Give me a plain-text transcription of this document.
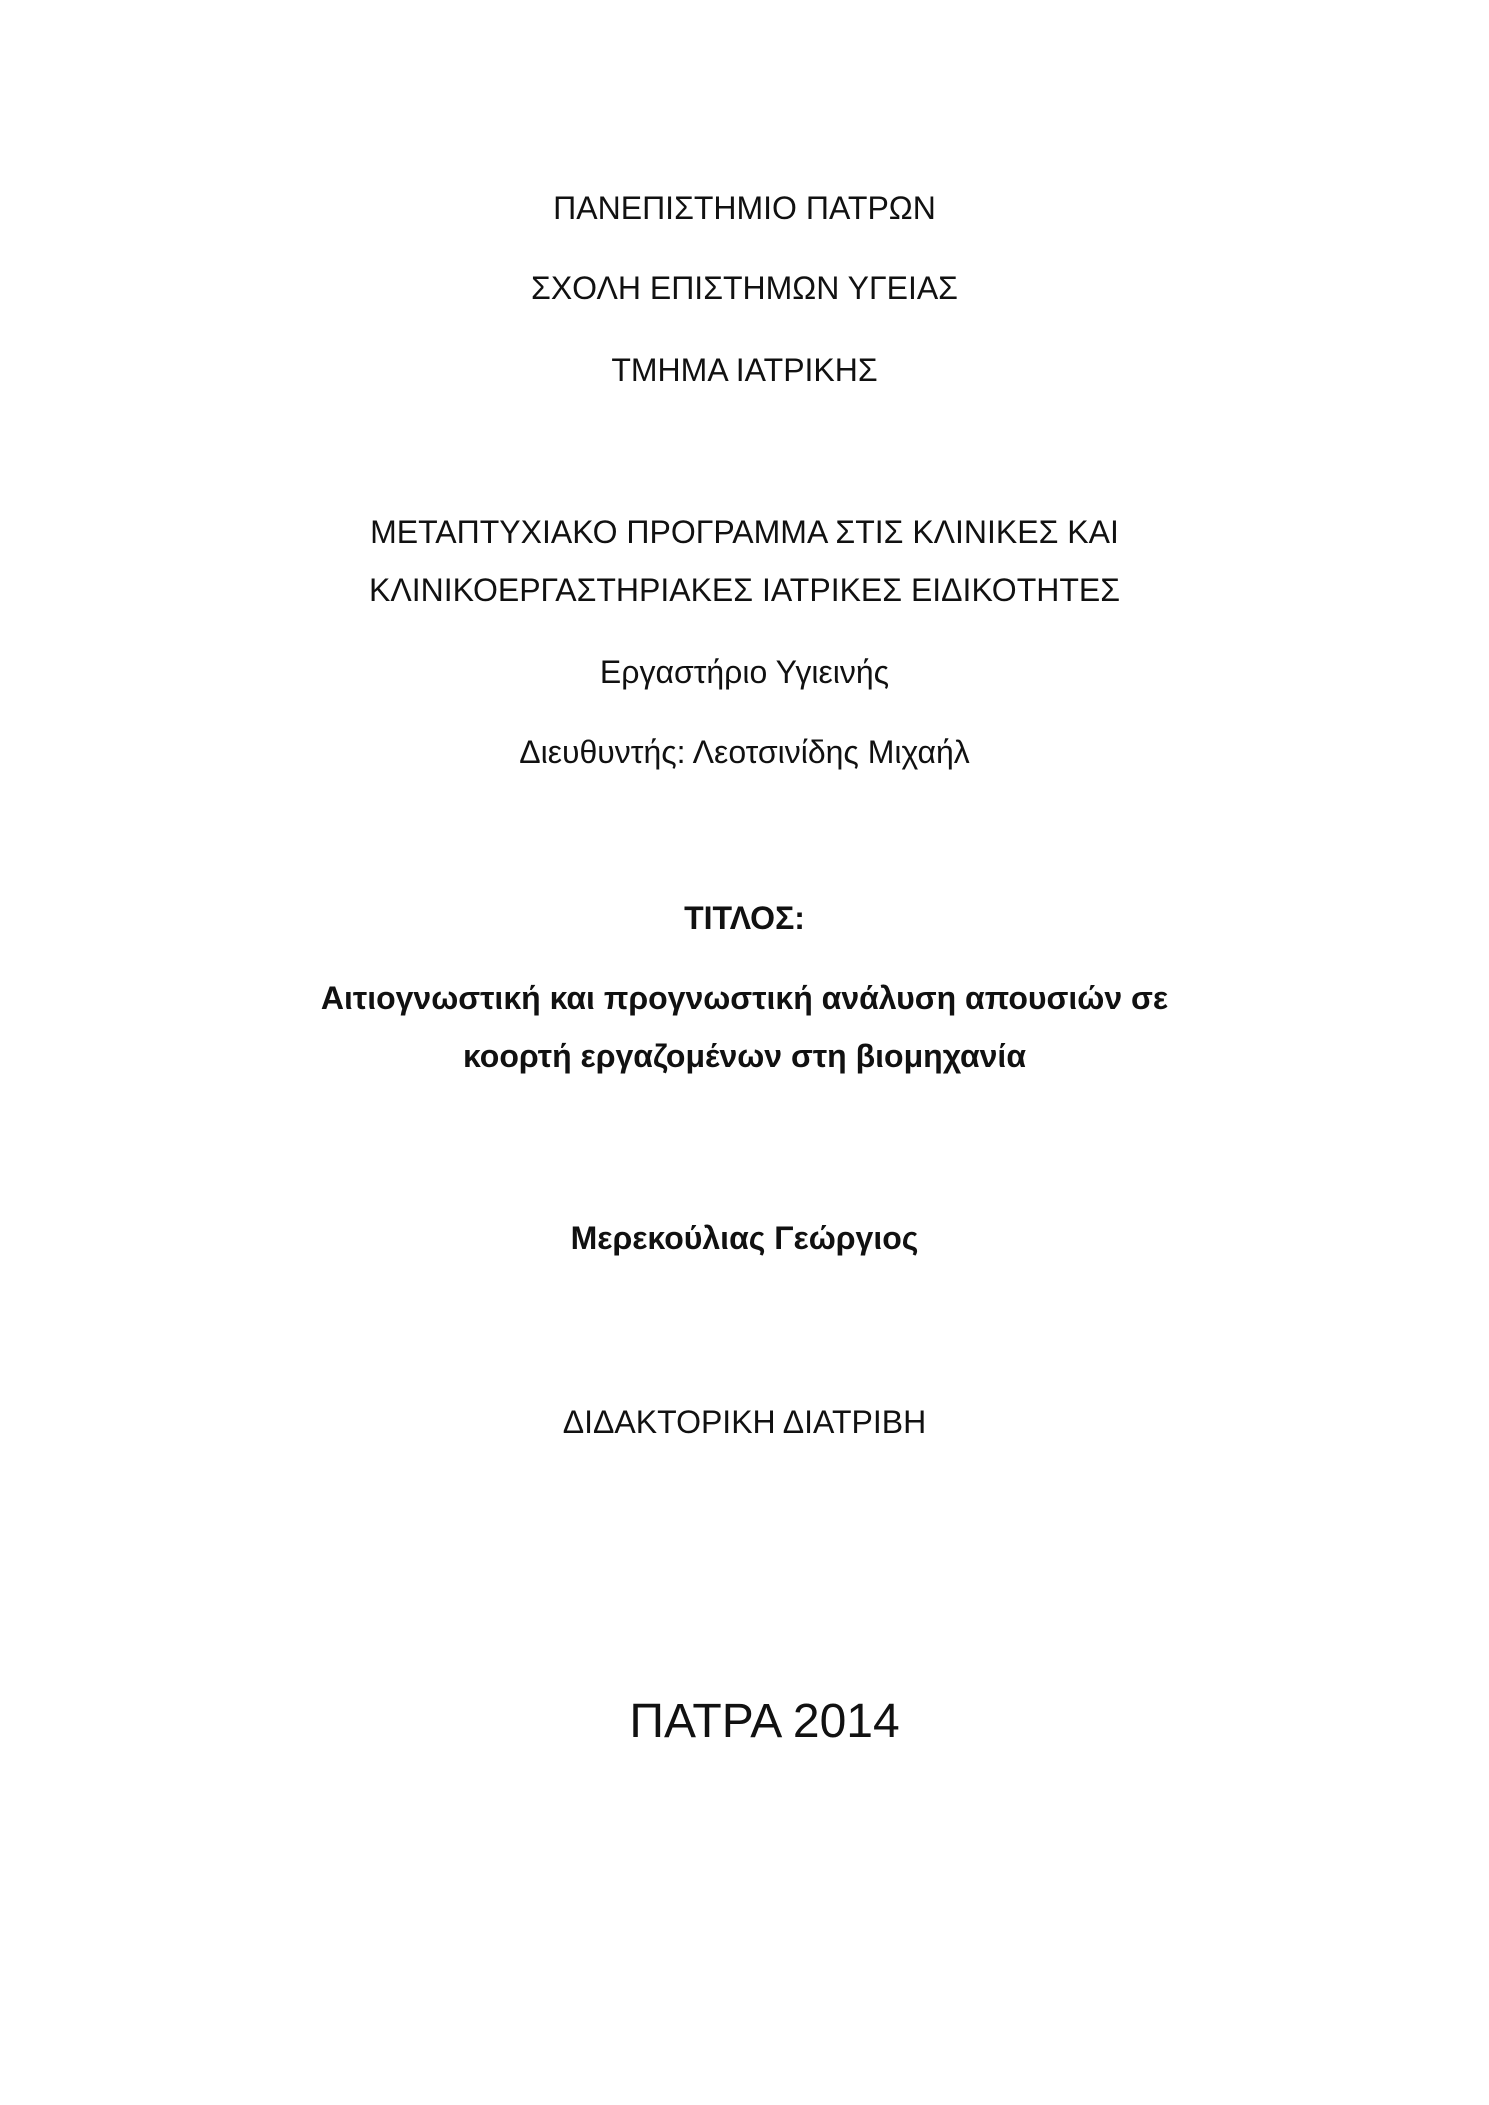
ΠΑΝΕΠΙΣΤΗΜΙΟ ΠΑΤΡΩΝ
ΣΧΟΛΗ ΕΠΙΣΤΗΜΩΝ ΥΓΕΙΑΣ
ΤΜΗΜΑ ΙΑΤΡΙΚΗΣ
ΜΕΤΑΠΤΥΧΙΑΚΟ ΠΡΟΓΡΑΜΜΑ ΣΤΙΣ ΚΛΙΝΙΚΕΣ ΚΑΙ
ΚΛΙΝΙΚΟΕΡΓΑΣΤΗΡΙΑΚΕΣ ΙΑΤΡΙΚΕΣ ΕΙΔΙΚΟΤΗΤΕΣ
Εργαστήριο Υγιεινής
Διευθυντής: Λεοτσινίδης Μιχαήλ
ΤΙΤΛΟΣ:
Αιτιογνωστική και προγνωστική ανάλυση απουσιών σε
κοορτή εργαζομένων στη βιομηχανία
Μερεκούλιας Γεώργιος
ΔΙΔΑΚΤΟΡΙΚΗ ΔΙΑΤΡΙΒΗ
ΠΑΤΡΑ 2014
